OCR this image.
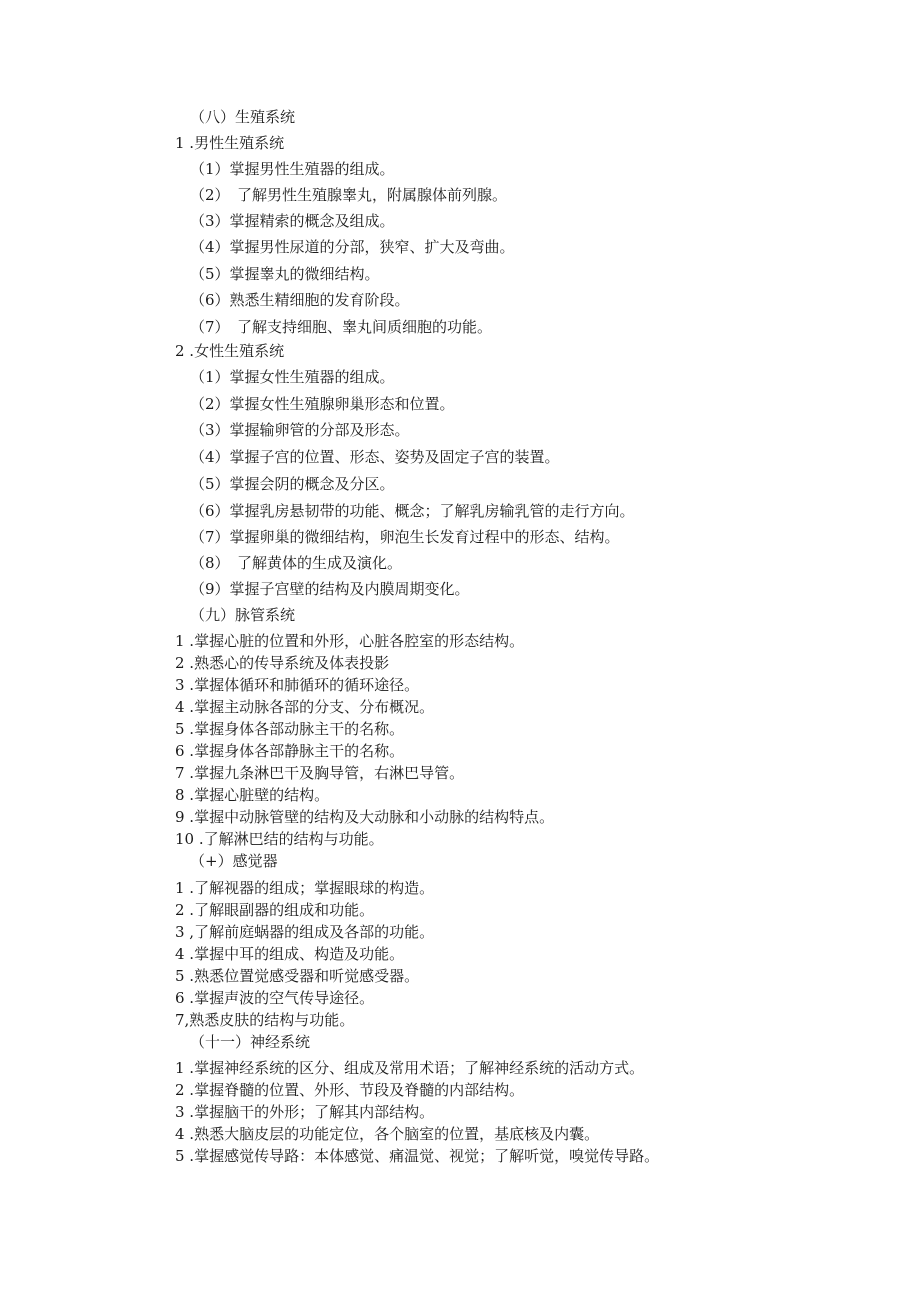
（八）生殖系统
1 .男性生殖系统
（1）掌握男性生殖器的组成。
（2）　了解男性生殖腺睾丸，附属腺体前列腺。
（3）掌握精索的概念及组成。
（4）掌握男性尿道的分部，狭窄、扩大及弯曲。
（5）掌握睾丸的微细结构。
（6）熟悉生精细胞的发育阶段。
（7）　了解支持细胞、睾丸间质细胞的功能。
2 .女性生殖系统
（1）掌握女性生殖器的组成。
（2）掌握女性生殖腺卵巢形态和位置。
（3）掌握输卵管的分部及形态。
（4）掌握子宫的位置、形态、姿势及固定子宫的装置。
（5）掌握会阴的概念及分区。
（6）掌握乳房悬韧带的功能、概念；了解乳房输乳管的走行方向。
（7）掌握卵巢的微细结构，卵泡生长发育过程中的形态、结构。
（8）　了解黄体的生成及演化。
（9）掌握子宫壁的结构及内膜周期变化。
（九）脉管系统
1 .掌握心脏的位置和外形，心脏各腔室的形态结构。
2 .熟悉心的传导系统及体表投影
3 .掌握体循环和肺循环的循环途径。
4 .掌握主动脉各部的分支、分布概况。
5 .掌握身体各部动脉主干的名称。
6 .掌握身体各部静脉主干的名称。
7 .掌握九条淋巴干及胸导管，右淋巴导管。
8 .掌握心脏壁的结构。
9 .掌握中动脉管壁的结构及大动脉和小动脉的结构特点。
10 .了解淋巴结的结构与功能。
（+）感觉器
1 .了解视器的组成；掌握眼球的构造。
2 .了解眼副器的组成和功能。
3 ,了解前庭蜗器的组成及各部的功能。
4 .掌握中耳的组成、构造及功能。
5 .熟悉位置觉感受器和听觉感受器。
6 .掌握声波的空气传导途径。
7,熟悉皮肤的结构与功能。
（十一）神经系统
1 .掌握神经系统的区分、组成及常用术语；了解神经系统的活动方式。
2 .掌握脊髓的位置、外形、节段及脊髓的内部结构。
3 .掌握脑干的外形；了解其内部结构。
4 .熟悉大脑皮层的功能定位，各个脑室的位置，基底核及内囊。
5 .掌握感觉传导路：本体感觉、痛温觉、视觉；了解听觉，嗅觉传导路。
